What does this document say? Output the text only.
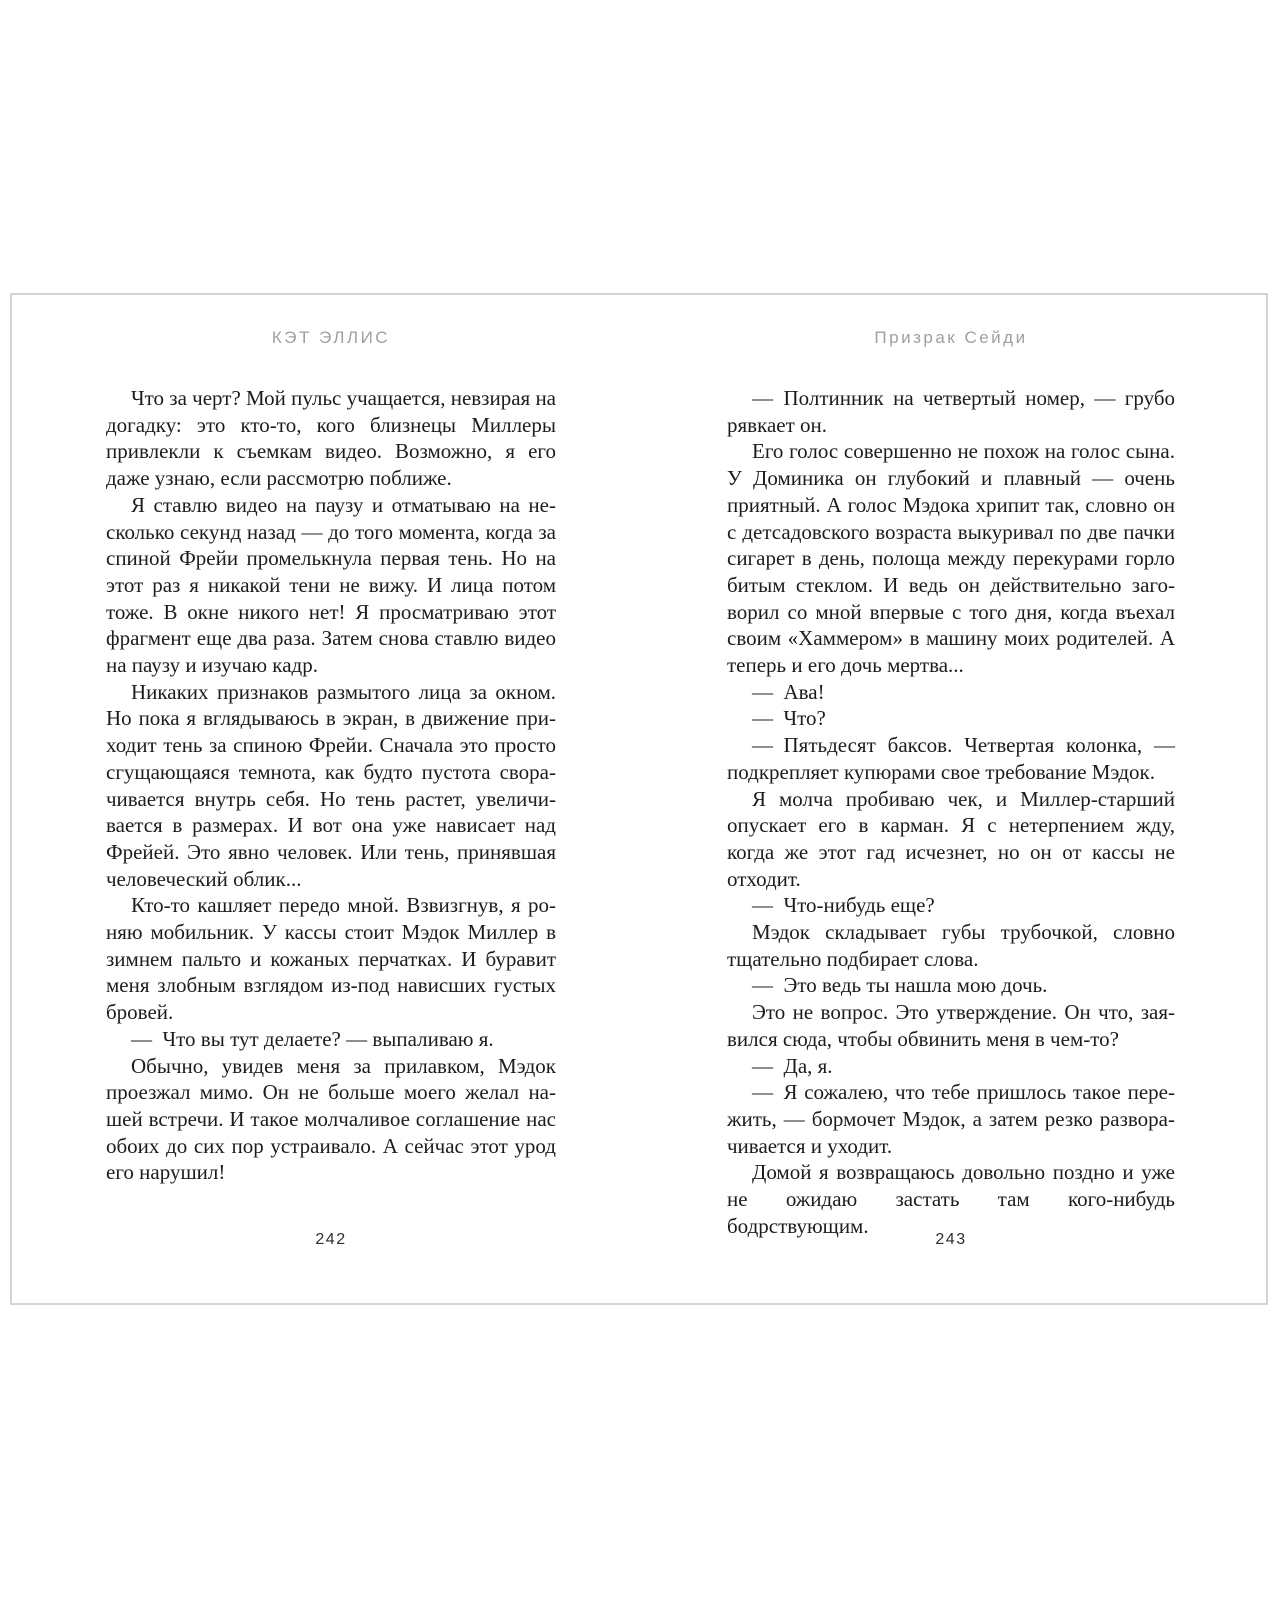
КЭТ ЭЛЛИС

Что за черт? Мой пульс учащается, невзирая на догадку: это кто-то, кого близнецы Миллеры привлекли к съемкам видео. Возможно, я его даже узнаю, если рассмотрю поближе.

Я ставлю видео на паузу и отматываю на несколько секунд назад — до того момента, когда за спиной Фрейи промелькнула первая тень. Но на этот раз я никакой тени не вижу. И лица потом тоже. В окне никого нет! Я просматриваю этот фрагмент еще два раза. Затем снова ставлю видео на паузу и изучаю кадр.

Никаких признаков размытого лица за окном. Но пока я вглядываюсь в экран, в движение приходит тень за спиною Фрейи. Сначала это просто сгущающаяся темнота, как будто пустота сворачивается внутрь себя. Но тень растет, увеличивается в размерах. И вот она уже нависает над Фрейей. Это явно человек. Или тень, принявшая человеческий облик...

Кто-то кашляет передо мной. Взвизгнув, я роняю мобильник. У кассы стоит Мэдок Миллер в зимнем пальто и кожаных перчатках. И буравит меня злобным взглядом из-под нависших густых бровей.

— Что вы тут делаете? — выпаливаю я.

Обычно, увидев меня за прилавком, Мэдок проезжал мимо. Он не больше моего желал нашей встречи. И такое молчаливое соглашение нас обоих до сих пор устраивало. А сейчас этот урод его нарушил!

242
Призрак Сейди

— Полтинник на четвертый номер, — грубо рявкает он.

Его голос совершенно не похож на голос сына. У Доминика он глубокий и плавный — очень приятный. А голос Мэдока хрипит так, словно он с детсадовского возраста выкуривал по две пачки сигарет в день, полоща между перекурами горло битым стеклом. И ведь он действительно заговорил со мной впервые с того дня, когда въехал своим «Хаммером» в машину моих родителей. А теперь и его дочь мертва...

— Ава!

— Что?

— Пятьдесят баксов. Четвертая колонка, — подкрепляет купюрами свое требование Мэдок.

Я молча пробиваю чек, и Миллер-старший опускает его в карман. Я с нетерпением жду, когда же этот гад исчезнет, но он от кассы не отходит.

— Что-нибудь еще?

Мэдок складывает губы трубочкой, словно тщательно подбирает слова.

— Это ведь ты нашла мою дочь.

Это не вопрос. Это утверждение. Он что, заявился сюда, чтобы обвинить меня в чем-то?

— Да, я.

— Я сожалею, что тебе пришлось такое пережить, — бормочет Мэдок, а затем резко разворачивается и уходит.

Домой я возвращаюсь довольно поздно и уже не ожидаю застать там кого-нибудь бодрствующим.

243
